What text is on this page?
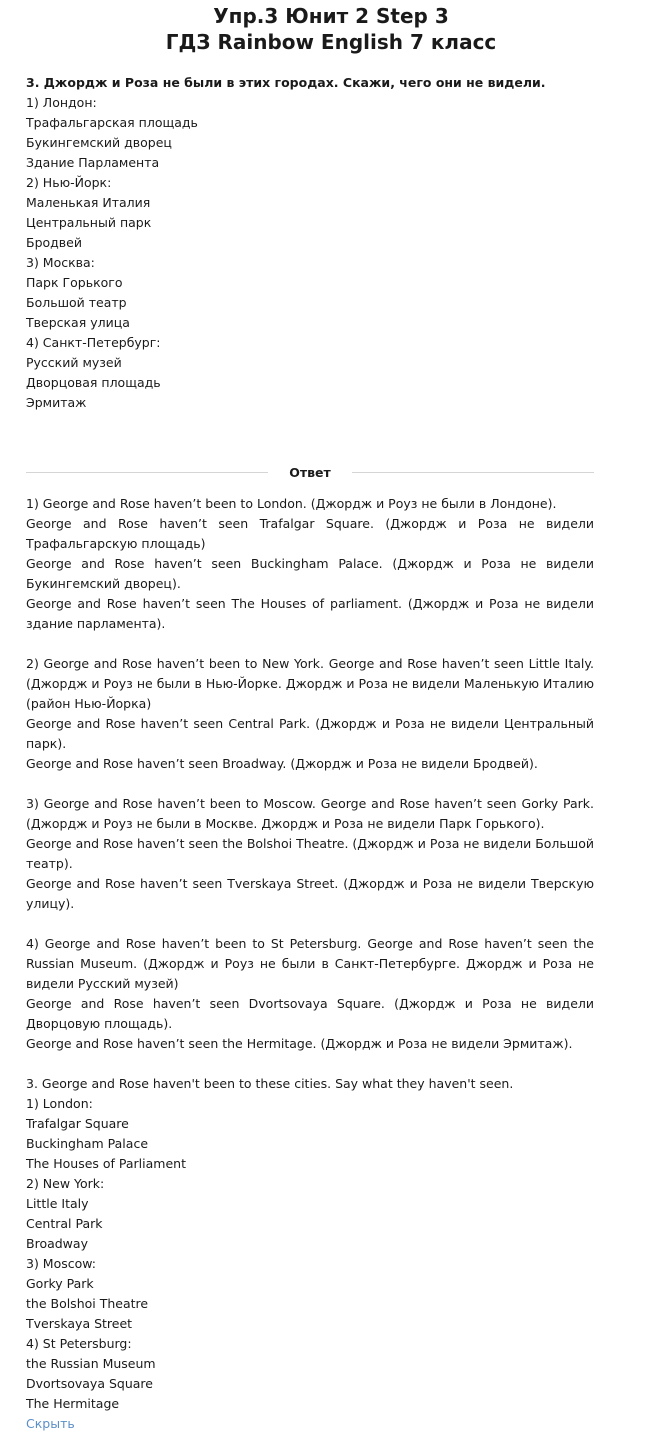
Упр.3 Юнит 2 Step 3
ГДЗ Rainbow English 7 класс
3. Джордж и Роза не были в этих городах. Скажи, чего они не видели.
1) Лондон:
Трафальгарская площадь
Букингемский дворец
Здание Парламента
2) Нью-Йорк:
Маленькая Италия
Центральный парк
Бродвей
3) Москва:
Парк Горького
Большой театр
Тверская улица
4) Санкт-Петербург:
Русский музей
Дворцовая площадь
Эрмитаж
Ответ
1) George and Rose haven’t been to London. (Джордж и Роуз не были в Лондоне).
George and Rose haven’t seen Trafalgar Square. (Джордж и Роза не видели Трафальгарскую площадь)
George and Rose haven’t seen Buckingham Palace. (Джордж и Роза не видели Букингемский дворец).
George and Rose haven’t seen The Houses of parliament. (Джордж и Роза не видели здание парламента).
2) George and Rose haven’t been to New York. George and Rose haven’t seen Little Italy. (Джордж и Роуз не были в Нью-Йорке. Джордж и Роза не видели Маленькую Италию (район Нью-Йорка)
George and Rose haven’t seen Central Park. (Джордж и Роза не видели Центральный парк).
George and Rose haven’t seen Broadway. (Джордж и Роза не видели Бродвей).
3) George and Rose haven’t been to Moscow. George and Rose haven’t seen Gorky Park. (Джордж и Роуз не были в Москве. Джордж и Роза не видели Парк Горького).
George and Rose haven’t seen the Bolshoi Theatre. (Джордж и Роза не видели Большой театр).
George and Rose haven’t seen Tverskaya Street. (Джордж и Роза не видели Тверскую улицу).
4) George and Rose haven’t been to St Petersburg. George and Rose haven’t seen the Russian Museum. (Джордж и Роуз не были в Санкт-Петербурге. Джордж и Роза не видели Русский музей)
George and Rose haven’t seen Dvortsovaya Square. (Джордж и Роза не видели Дворцовую площадь).
George and Rose haven’t seen the Hermitage. (Джордж и Роза не видели Эрмитаж).
3. George and Rose haven't been to these cities. Say what they haven't seen.
1) London:
Trafalgar Square
Buckingham Palace
The Houses of Parliament
2) New York:
Little Italy
Central Park
Broadway
3) Moscow:
Gorky Park
the Bolshoi Theatre
Tverskaya Street
4) St Petersburg:
the Russian Museum
Dvortsovaya Square
The Hermitage
Скрыть
